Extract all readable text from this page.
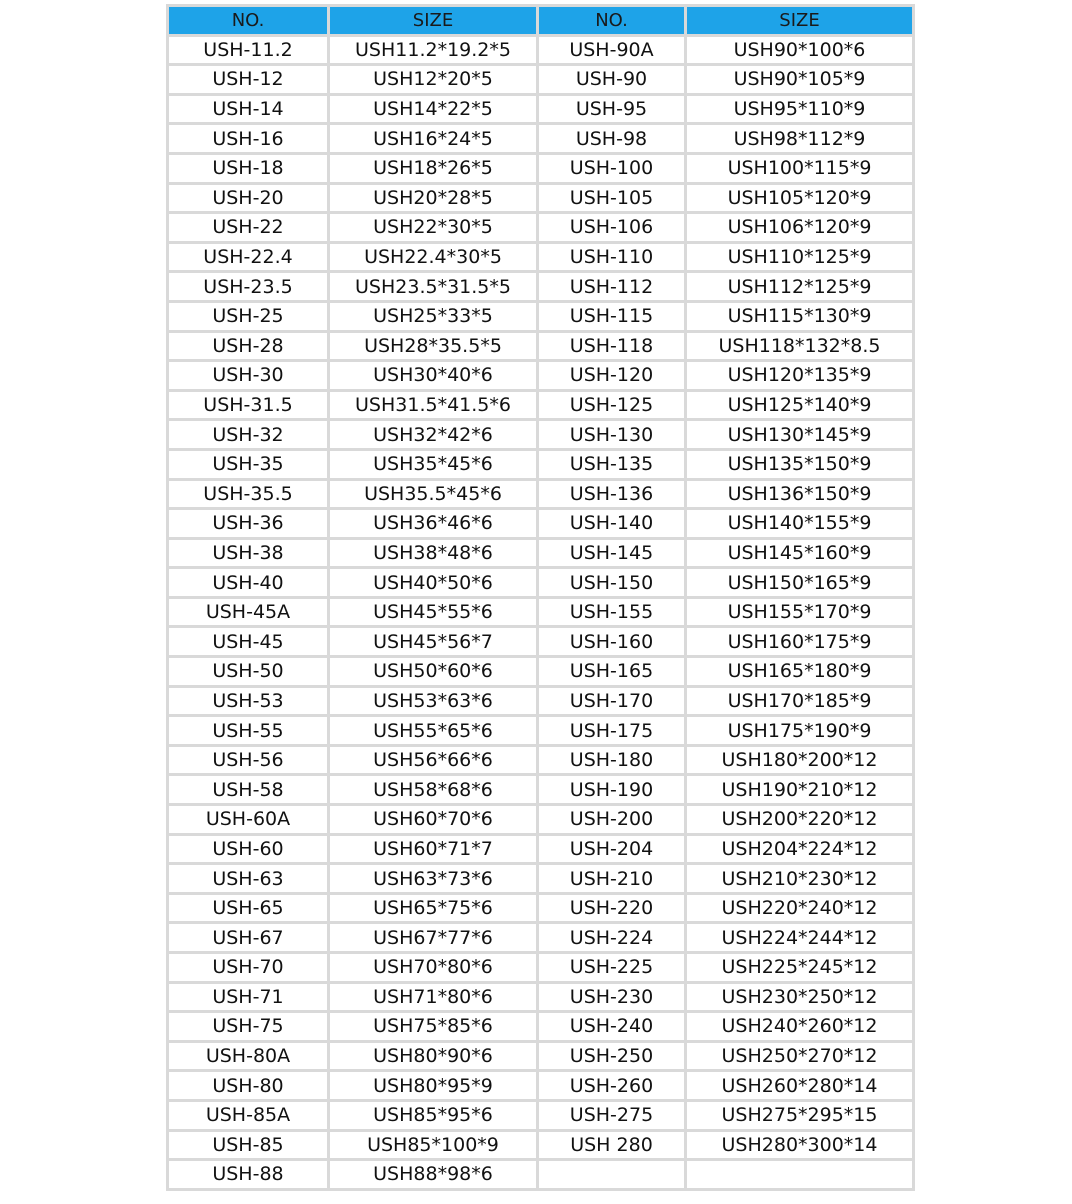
NO.	SIZE	NO.	SIZE
USH-11.2	USH11.2*19.2*5	USH-90A	USH90*100*6
USH-12	USH12*20*5	USH-90	USH90*105*9
USH-14	USH14*22*5	USH-95	USH95*110*9
USH-16	USH16*24*5	USH-98	USH98*112*9
USH-18	USH18*26*5	USH-100	USH100*115*9
USH-20	USH20*28*5	USH-105	USH105*120*9
USH-22	USH22*30*5	USH-106	USH106*120*9
USH-22.4	USH22.4*30*5	USH-110	USH110*125*9
USH-23.5	USH23.5*31.5*5	USH-112	USH112*125*9
USH-25	USH25*33*5	USH-115	USH115*130*9
USH-28	USH28*35.5*5	USH-118	USH118*132*8.5
USH-30	USH30*40*6	USH-120	USH120*135*9
USH-31.5	USH31.5*41.5*6	USH-125	USH125*140*9
USH-32	USH32*42*6	USH-130	USH130*145*9
USH-35	USH35*45*6	USH-135	USH135*150*9
USH-35.5	USH35.5*45*6	USH-136	USH136*150*9
USH-36	USH36*46*6	USH-140	USH140*155*9
USH-38	USH38*48*6	USH-145	USH145*160*9
USH-40	USH40*50*6	USH-150	USH150*165*9
USH-45A	USH45*55*6	USH-155	USH155*170*9
USH-45	USH45*56*7	USH-160	USH160*175*9
USH-50	USH50*60*6	USH-165	USH165*180*9
USH-53	USH53*63*6	USH-170	USH170*185*9
USH-55	USH55*65*6	USH-175	USH175*190*9
USH-56	USH56*66*6	USH-180	USH180*200*12
USH-58	USH58*68*6	USH-190	USH190*210*12
USH-60A	USH60*70*6	USH-200	USH200*220*12
USH-60	USH60*71*7	USH-204	USH204*224*12
USH-63	USH63*73*6	USH-210	USH210*230*12
USH-65	USH65*75*6	USH-220	USH220*240*12
USH-67	USH67*77*6	USH-224	USH224*244*12
USH-70	USH70*80*6	USH-225	USH225*245*12
USH-71	USH71*80*6	USH-230	USH230*250*12
USH-75	USH75*85*6	USH-240	USH240*260*12
USH-80A	USH80*90*6	USH-250	USH250*270*12
USH-80	USH80*95*9	USH-260	USH260*280*14
USH-85A	USH85*95*6	USH-275	USH275*295*15
USH-85	USH85*100*9	USH 280	USH280*300*14
USH-88	USH88*98*6		
